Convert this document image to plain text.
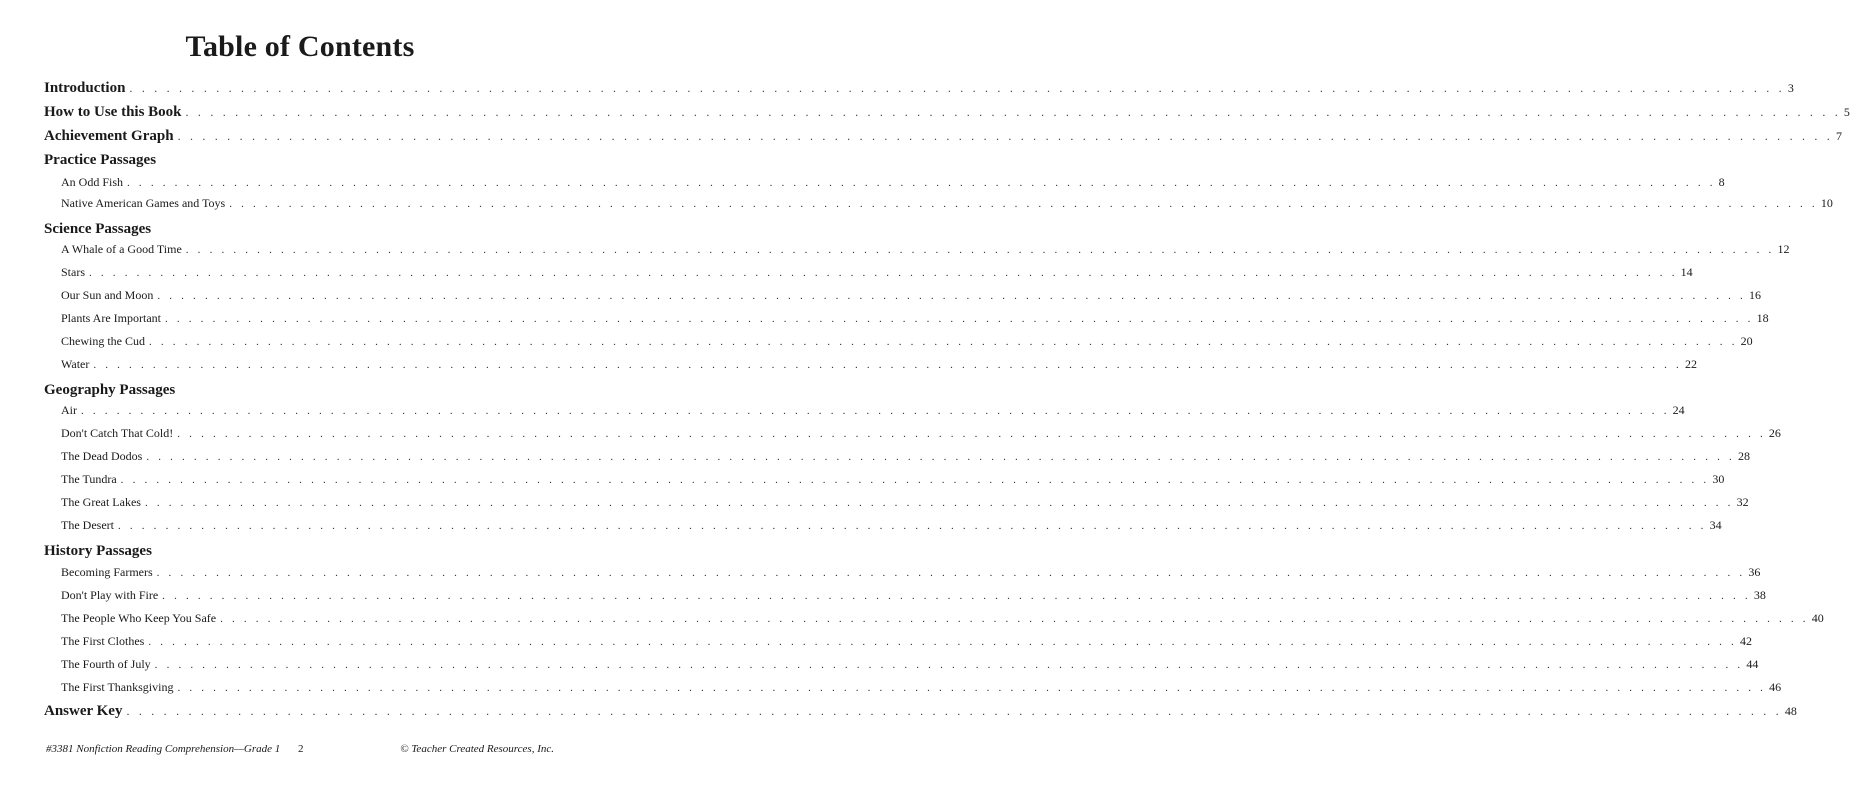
Table of Contents
Introduction . . . . . . . . . . . . . . . . . . . . . . . . . . . . . . . . . . . . . . . . . . . . . . . . . . . . . . . . . . . . . . . . . . . . . . . . . . . . . . . . . . . . . . . . . . . . . . . . . . . . . . . . . . . . . . . . . . . . . . . . . . . . . . . . . . . . . . 3
How to Use this Book . . . . . . . . . . . . . . . . . . . . . . . . . . . . . . . . . . . . . . . . . . . . . . . . . . . . . . . . . . . . . . . . . . . . . . . . . . . . . . . . . . . . . . . . . . . . . . . . . . . . . . . . . . . . . . . . . . . . . . . . . . . . . . . . . . . . . . 5
Achievement Graph . . . . . . . . . . . . . . . . . . . . . . . . . . . . . . . . . . . . . . . . . . . . . . . . . . . . . . . . . . . . . . . . . . . . . . . . . . . . . . . . . . . . . . . . . . . . . . . . . . . . . . . . . . . . . . . . . . . . . . . . . . . . . . . . . . . . . . 7
Practice Passages
An Odd Fish . . . . . . . . . . . . . . . . . . . . . . . . . . . . . . . . . . . . . . . . . . . . . . . . . . . . . . . . . . . . . . . . . . . . . . . . . . . . . . . . . . . . . . . . . . . . . . . . . . . . . . . . . . . . . . . . . . . . . . . . . . . . . . . . . . . . . . 8
Native American Games and Toys . . . . . . . . . . . . . . . . . . . . . . . . . . . . . . . . . . . . . . . . . . . . . . . . . . . . . . . . . . . . . . . . . . . . . . . . . . . . . . . . . . . . . . . . . . . . . . . . . . . . . . . . . . . . . . . . . . . . . . . . . . . . . . . . . . . . . . 10
Science Passages
A Whale of a Good Time . . . . . . . . . . . . . . . . . . . . . . . . . . . . . . . . . . . . . . . . . . . . . . . . . . . . . . . . . . . . . . . . . . . . . . . . . . . . . . . . . . . . . . . . . . . . . . . . . . . . . . . . . . . . . . . . . . . . . . . . . . . . . . . . . . . . . . 12
Stars . . . . . . . . . . . . . . . . . . . . . . . . . . . . . . . . . . . . . . . . . . . . . . . . . . . . . . . . . . . . . . . . . . . . . . . . . . . . . . . . . . . . . . . . . . . . . . . . . . . . . . . . . . . . . . . . . . . . . . . . . . . . . . . . . . . . . . 14
Our Sun and Moon . . . . . . . . . . . . . . . . . . . . . . . . . . . . . . . . . . . . . . . . . . . . . . . . . . . . . . . . . . . . . . . . . . . . . . . . . . . . . . . . . . . . . . . . . . . . . . . . . . . . . . . . . . . . . . . . . . . . . . . . . . . . . . . . . . . . . . 16
Plants Are Important . . . . . . . . . . . . . . . . . . . . . . . . . . . . . . . . . . . . . . . . . . . . . . . . . . . . . . . . . . . . . . . . . . . . . . . . . . . . . . . . . . . . . . . . . . . . . . . . . . . . . . . . . . . . . . . . . . . . . . . . . . . . . . . . . . . . . . 18
Chewing the Cud . . . . . . . . . . . . . . . . . . . . . . . . . . . . . . . . . . . . . . . . . . . . . . . . . . . . . . . . . . . . . . . . . . . . . . . . . . . . . . . . . . . . . . . . . . . . . . . . . . . . . . . . . . . . . . . . . . . . . . . . . . . . . . . . . . . . . . 20
Water . . . . . . . . . . . . . . . . . . . . . . . . . . . . . . . . . . . . . . . . . . . . . . . . . . . . . . . . . . . . . . . . . . . . . . . . . . . . . . . . . . . . . . . . . . . . . . . . . . . . . . . . . . . . . . . . . . . . . . . . . . . . . . . . . . . . . . 22
Geography Passages
Air . . . . . . . . . . . . . . . . . . . . . . . . . . . . . . . . . . . . . . . . . . . . . . . . . . . . . . . . . . . . . . . . . . . . . . . . . . . . . . . . . . . . . . . . . . . . . . . . . . . . . . . . . . . . . . . . . . . . . . . . . . . . . . . . . . . . . . 24
Don't Catch That Cold! . . . . . . . . . . . . . . . . . . . . . . . . . . . . . . . . . . . . . . . . . . . . . . . . . . . . . . . . . . . . . . . . . . . . . . . . . . . . . . . . . . . . . . . . . . . . . . . . . . . . . . . . . . . . . . . . . . . . . . . . . . . . . . . . . . . . . . 26
The Dead Dodos . . . . . . . . . . . . . . . . . . . . . . . . . . . . . . . . . . . . . . . . . . . . . . . . . . . . . . . . . . . . . . . . . . . . . . . . . . . . . . . . . . . . . . . . . . . . . . . . . . . . . . . . . . . . . . . . . . . . . . . . . . . . . . . . . . . . . . 28
The Tundra . . . . . . . . . . . . . . . . . . . . . . . . . . . . . . . . . . . . . . . . . . . . . . . . . . . . . . . . . . . . . . . . . . . . . . . . . . . . . . . . . . . . . . . . . . . . . . . . . . . . . . . . . . . . . . . . . . . . . . . . . . . . . . . . . . . . . . 30
The Great Lakes . . . . . . . . . . . . . . . . . . . . . . . . . . . . . . . . . . . . . . . . . . . . . . . . . . . . . . . . . . . . . . . . . . . . . . . . . . . . . . . . . . . . . . . . . . . . . . . . . . . . . . . . . . . . . . . . . . . . . . . . . . . . . . . . . . . . . . 32
The Desert . . . . . . . . . . . . . . . . . . . . . . . . . . . . . . . . . . . . . . . . . . . . . . . . . . . . . . . . . . . . . . . . . . . . . . . . . . . . . . . . . . . . . . . . . . . . . . . . . . . . . . . . . . . . . . . . . . . . . . . . . . . . . . . . . . . . . . 34
History Passages
Becoming Farmers . . . . . . . . . . . . . . . . . . . . . . . . . . . . . . . . . . . . . . . . . . . . . . . . . . . . . . . . . . . . . . . . . . . . . . . . . . . . . . . . . . . . . . . . . . . . . . . . . . . . . . . . . . . . . . . . . . . . . . . . . . . . . . . . . . . . . . 36
Don't Play with Fire . . . . . . . . . . . . . . . . . . . . . . . . . . . . . . . . . . . . . . . . . . . . . . . . . . . . . . . . . . . . . . . . . . . . . . . . . . . . . . . . . . . . . . . . . . . . . . . . . . . . . . . . . . . . . . . . . . . . . . . . . . . . . . . . . . . . . . 38
The People Who Keep You Safe . . . . . . . . . . . . . . . . . . . . . . . . . . . . . . . . . . . . . . . . . . . . . . . . . . . . . . . . . . . . . . . . . . . . . . . . . . . . . . . . . . . . . . . . . . . . . . . . . . . . . . . . . . . . . . . . . . . . . . . . . . . . . . . . . . . . . . 40
The First Clothes . . . . . . . . . . . . . . . . . . . . . . . . . . . . . . . . . . . . . . . . . . . . . . . . . . . . . . . . . . . . . . . . . . . . . . . . . . . . . . . . . . . . . . . . . . . . . . . . . . . . . . . . . . . . . . . . . . . . . . . . . . . . . . . . . . . . . . 42
The Fourth of July . . . . . . . . . . . . . . . . . . . . . . . . . . . . . . . . . . . . . . . . . . . . . . . . . . . . . . . . . . . . . . . . . . . . . . . . . . . . . . . . . . . . . . . . . . . . . . . . . . . . . . . . . . . . . . . . . . . . . . . . . . . . . . . . . . . . . . 44
The First Thanksgiving . . . . . . . . . . . . . . . . . . . . . . . . . . . . . . . . . . . . . . . . . . . . . . . . . . . . . . . . . . . . . . . . . . . . . . . . . . . . . . . . . . . . . . . . . . . . . . . . . . . . . . . . . . . . . . . . . . . . . . . . . . . . . . . . . . . . . . 46
Answer Key . . . . . . . . . . . . . . . . . . . . . . . . . . . . . . . . . . . . . . . . . . . . . . . . . . . . . . . . . . . . . . . . . . . . . . . . . . . . . . . . . . . . . . . . . . . . . . . . . . . . . . . . . . . . . . . . . . . . . . . . . . . . . . . . . . . . . . 48
#3381 Nonfiction Reading Comprehension—Grade 1 2	© Teacher Created Resources, Inc.
